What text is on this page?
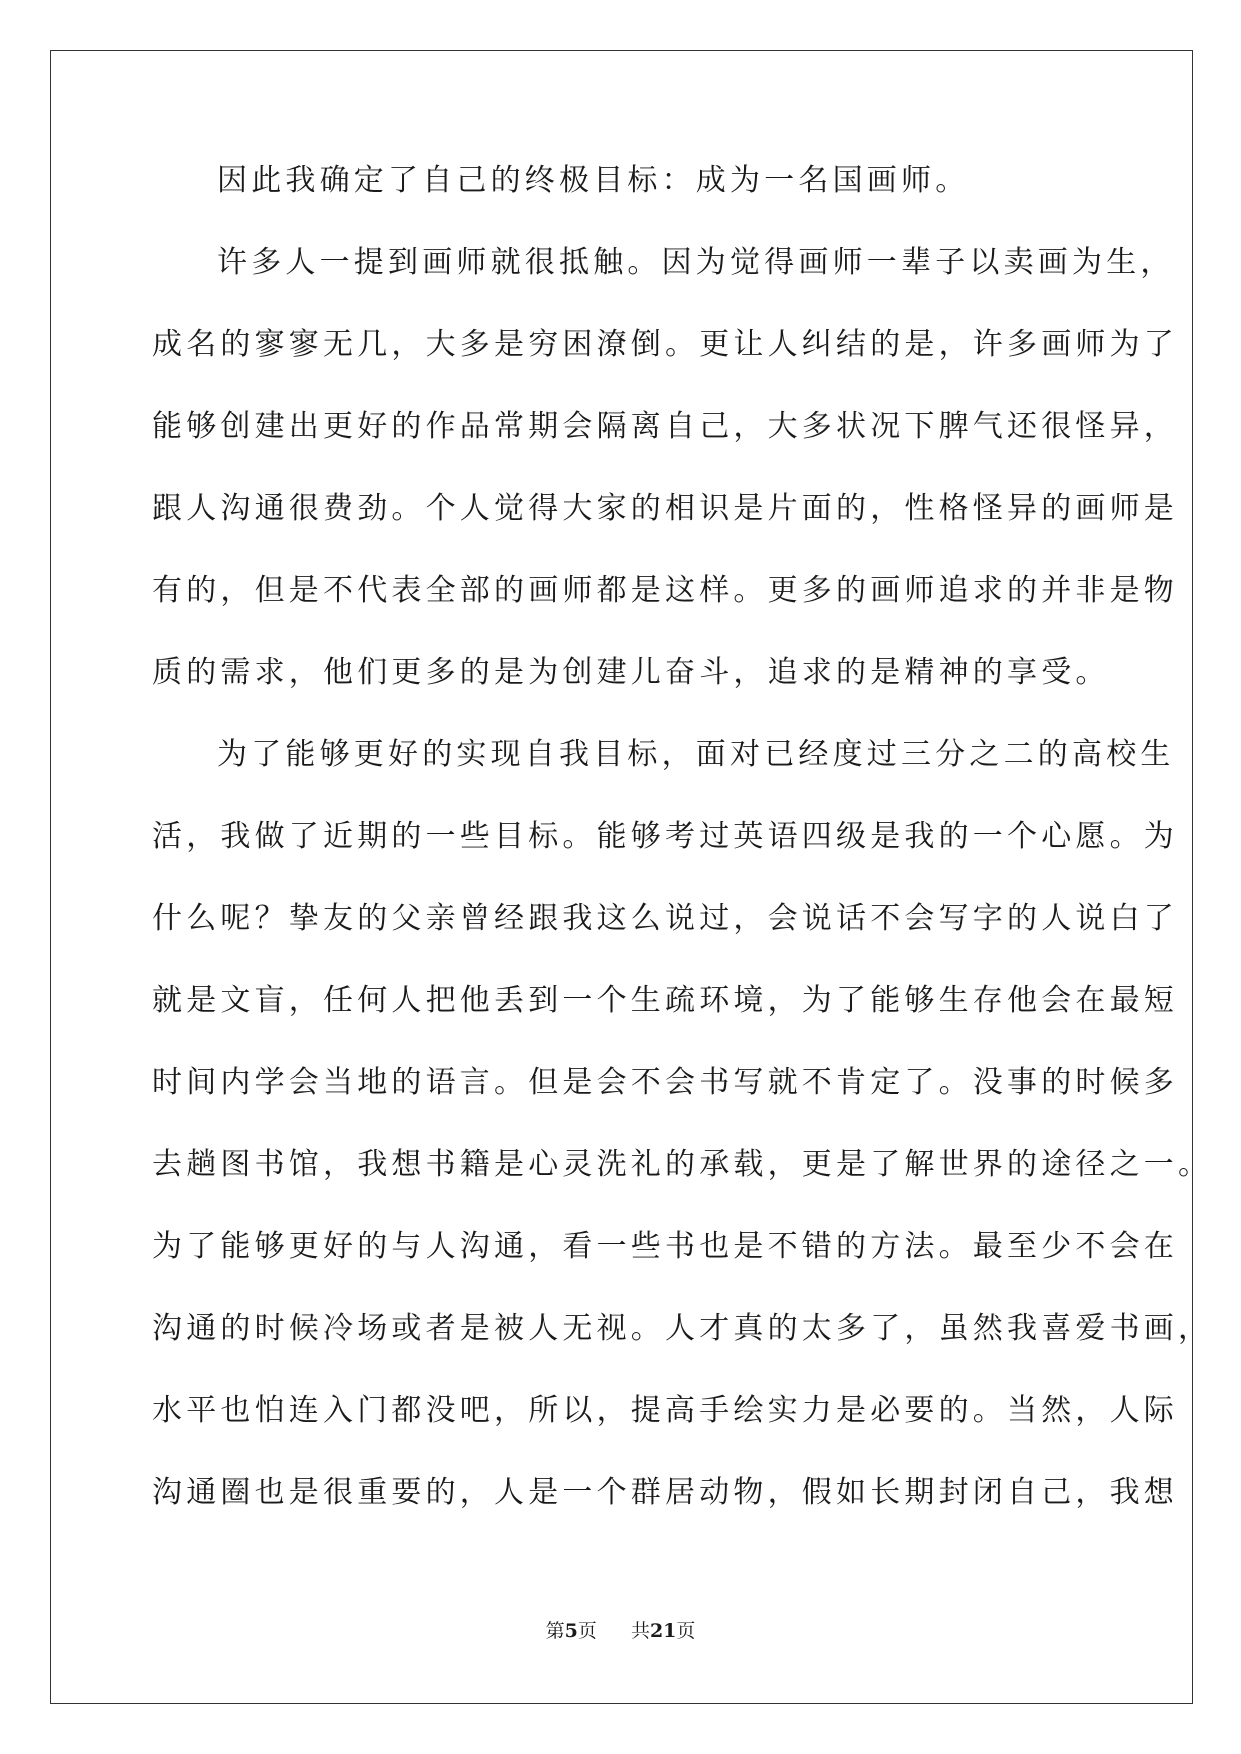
因此我确定了自己的终极目标：成为一名国画师。
许多人一提到画师就很抵触。因为觉得画师一辈子以卖画为生，
成名的寥寥无几，大多是穷困潦倒。更让人纠结的是，许多画师为了
能够创建出更好的作品常期会隔离自己，大多状况下脾气还很怪异，
跟人沟通很费劲。个人觉得大家的相识是片面的，性格怪异的画师是
有的，但是不代表全部的画师都是这样。更多的画师追求的并非是物
质的需求，他们更多的是为创建儿奋斗，追求的是精神的享受。
为了能够更好的实现自我目标，面对已经度过三分之二的高校生
活，我做了近期的一些目标。能够考过英语四级是我的一个心愿。为
什么呢？挚友的父亲曾经跟我这么说过，会说话不会写字的人说白了
就是文盲，任何人把他丢到一个生疏环境，为了能够生存他会在最短
时间内学会当地的语言。但是会不会书写就不肯定了。没事的时候多
去趟图书馆，我想书籍是心灵洗礼的承载，更是了解世界的途径之一。
为了能够更好的与人沟通，看一些书也是不错的方法。最至少不会在
沟通的时候冷场或者是被人无视。人才真的太多了，虽然我喜爱书画，
水平也怕连入门都没吧，所以，提高手绘实力是必要的。当然，人际
沟通圈也是很重要的，人是一个群居动物，假如长期封闭自己，我想
第5页 共21页
